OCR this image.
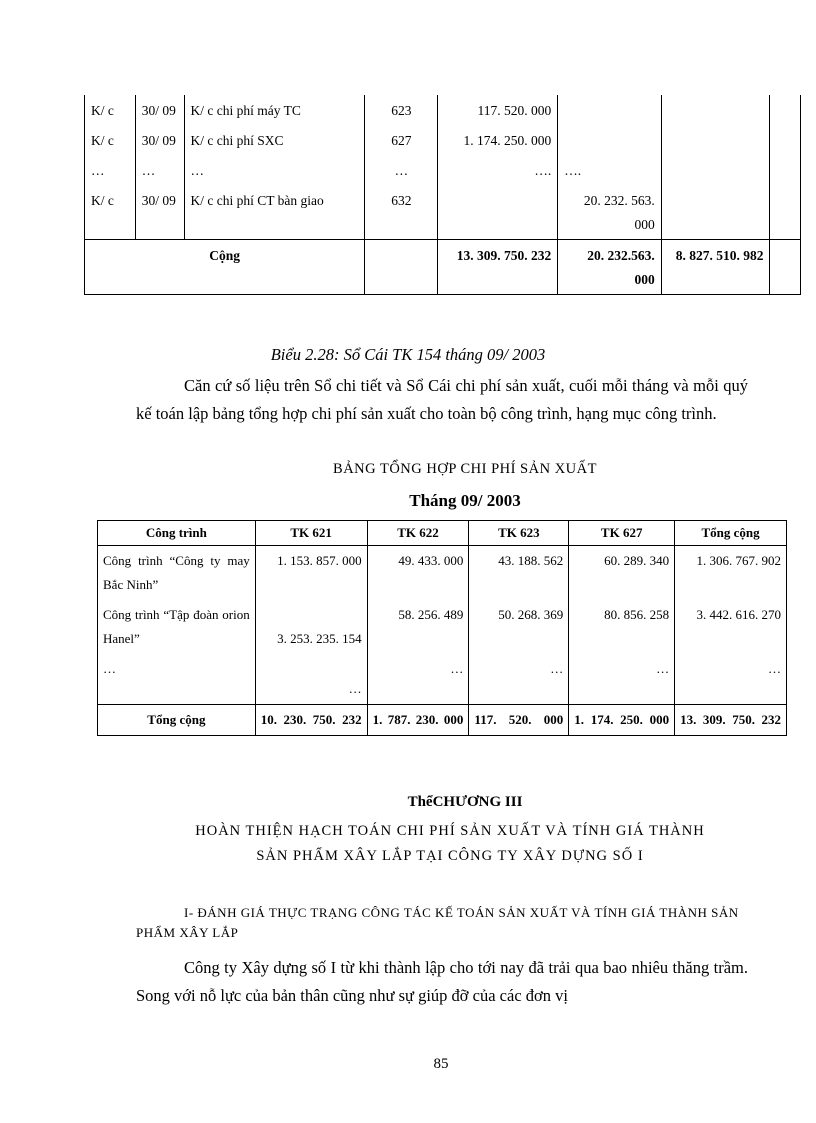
K/ c	30/ 09	K/ c chi phí máy TC	623	117. 520. 000			
K/ c	30/ 09	K/ c chi phí SXC	627	1. 174. 250. 000			
…	…	…	…	….	….		
K/ c	30/ 09	K/ c chi phí CT bàn giao	632		20. 232. 563. 000		
Cộng				13. 309. 750. 232	20. 232.563. 000	8. 827. 510. 982	
Biểu 2.28: Sổ Cái TK 154 tháng 09/ 2003
Căn cứ số liệu trên Sổ chi tiết và Sổ Cái chi phí sản xuất, cuối mỗi tháng và mỗi quý kế toán lập bảng tổng hợp chi phí sản xuất cho toàn bộ công trình, hạng mục công trình.
BẢNG TỔNG HỢP CHI PHÍ SẢN XUẤT
Tháng 09/ 2003
Công trình	TK 621	TK 622	TK 623	TK 627	Tổng cộng
Công trình “Công ty may Bắc Ninh”	1. 153. 857. 000	49. 433. 000	43. 188. 562	60. 289. 340	1. 306. 767. 902
Công trình “Tập đoàn orion Hanel”	3. 253. 235. 154	58. 256. 489	50. 268. 369	80. 856. 258	3. 442. 616. 270
…	…	…	…	…	…
Tổng cộng	10. 230. 750. 232	1. 787. 230. 000	117. 520. 000	1. 174. 250. 000	13. 309. 750. 232
ThểCHƯƠNG III
HOÀN THIỆN HẠCH TOÁN CHI PHÍ SẢN XUẤT VÀ TÍNH GIÁ THÀNH
SẢN PHẨM XÂY LẮP TẠI CÔNG TY XÂY DỰNG SỐ I
I- ĐÁNH GIÁ THỰC TRẠNG CÔNG TÁC KẾ TOÁN SẢN XUẤT VÀ TÍNH GIÁ THÀNH SẢN PHẨM XÂY LẮP
Công ty Xây dựng số I từ khi thành lập cho tới nay đã trải qua bao nhiêu thăng trầm. Song với nỗ lực của bản thân cũng như sự giúp đỡ của các đơn vị
85
